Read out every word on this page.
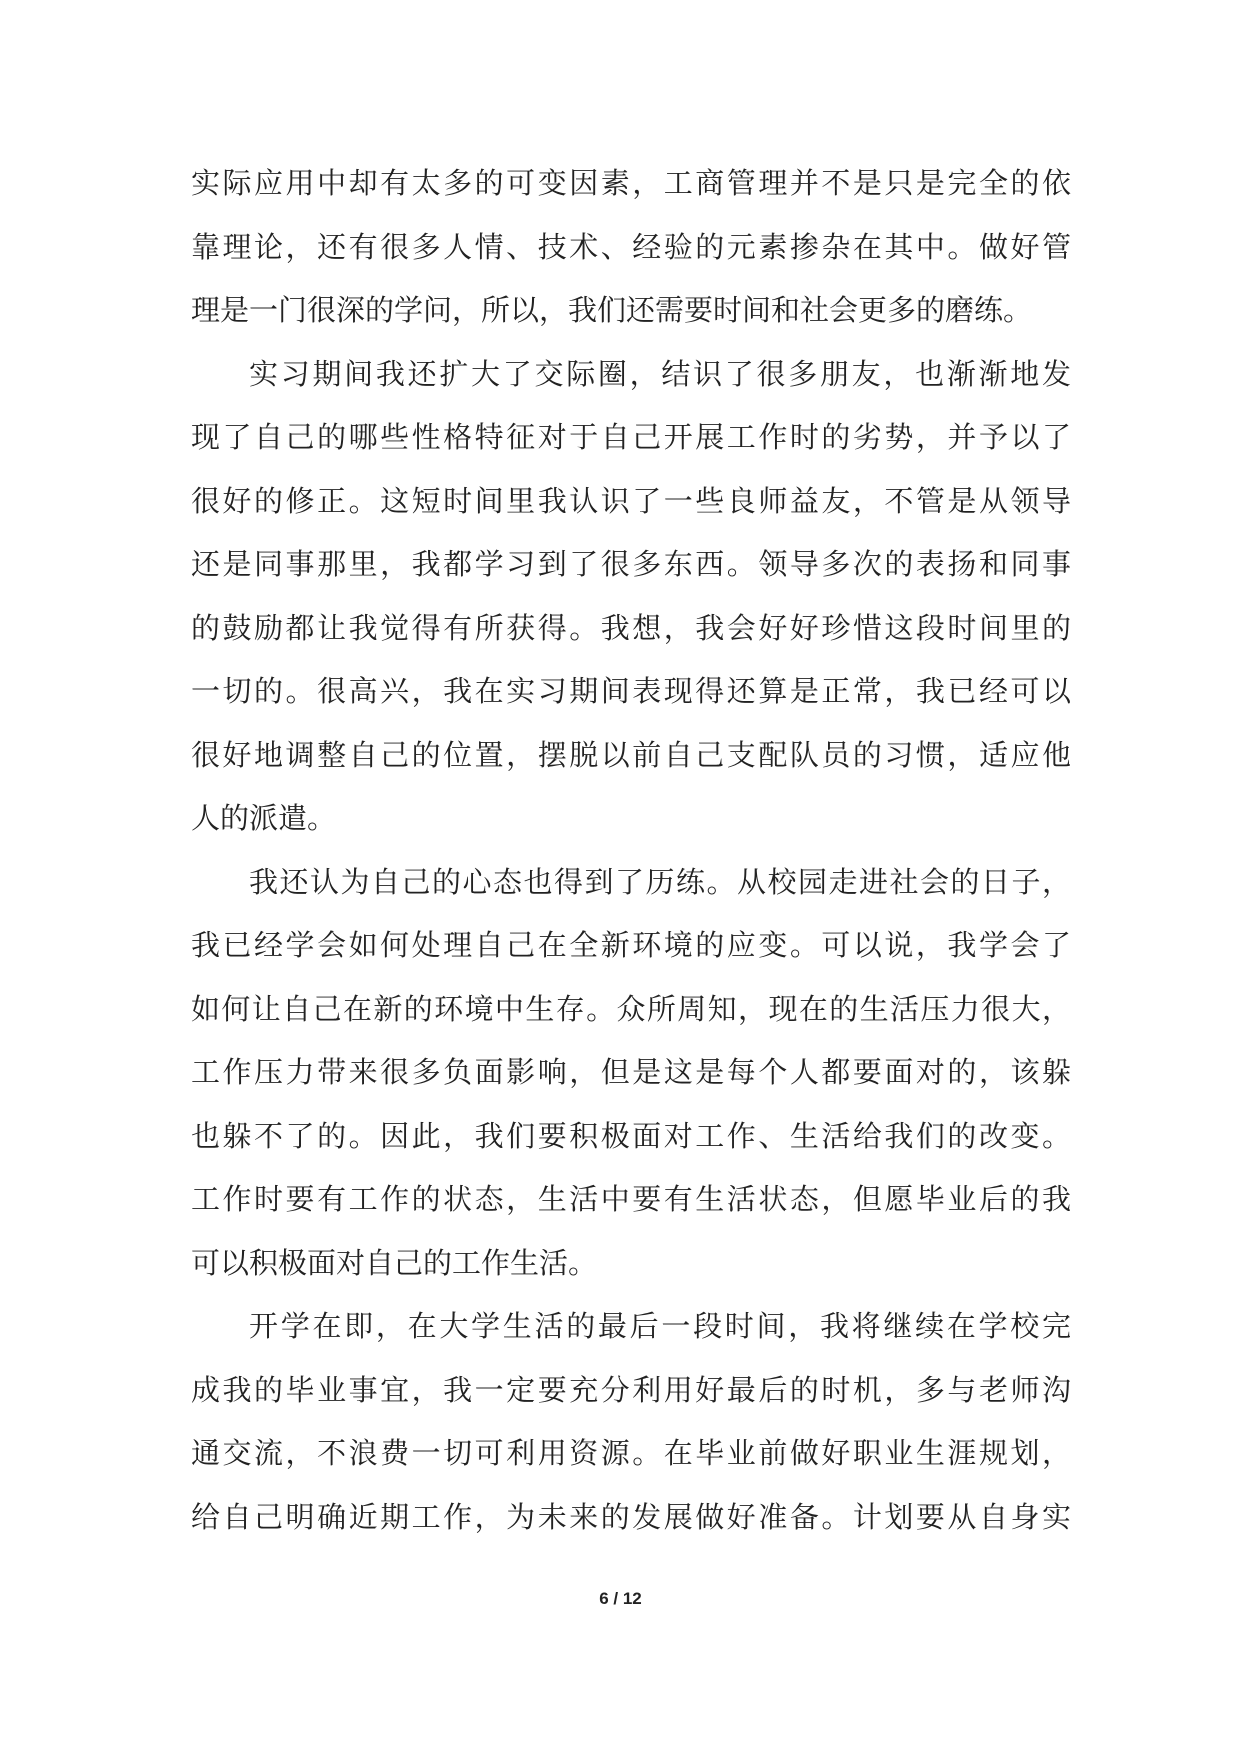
实际应用中却有太多的可变因素，工商管理并不是只是完全的依
靠理论，还有很多人情、技术、经验的元素掺杂在其中。做好管
理是一门很深的学问，所以，我们还需要时间和社会更多的磨练。
实习期间我还扩大了交际圈，结识了很多朋友，也渐渐地发
现了自己的哪些性格特征对于自己开展工作时的劣势，并予以了
很好的修正。这短时间里我认识了一些良师益友，不管是从领导
还是同事那里，我都学习到了很多东西。领导多次的表扬和同事
的鼓励都让我觉得有所获得。我想，我会好好珍惜这段时间里的
一切的。很高兴，我在实习期间表现得还算是正常，我已经可以
很好地调整自己的位置，摆脱以前自己支配队员的习惯，适应他
人的派遣。
我还认为自己的心态也得到了历练。从校园走进社会的日子，
我已经学会如何处理自己在全新环境的应变。可以说，我学会了
如何让自己在新的环境中生存。众所周知，现在的生活压力很大，
工作压力带来很多负面影响，但是这是每个人都要面对的，该躲
也躲不了的。因此，我们要积极面对工作、生活给我们的改变。
工作时要有工作的状态，生活中要有生活状态，但愿毕业后的我
可以积极面对自己的工作生活。
开学在即，在大学生活的最后一段时间，我将继续在学校完
成我的毕业事宜，我一定要充分利用好最后的时机，多与老师沟
通交流，不浪费一切可利用资源。在毕业前做好职业生涯规划，
给自己明确近期工作，为未来的发展做好准备。计划要从自身实
6 / 12
